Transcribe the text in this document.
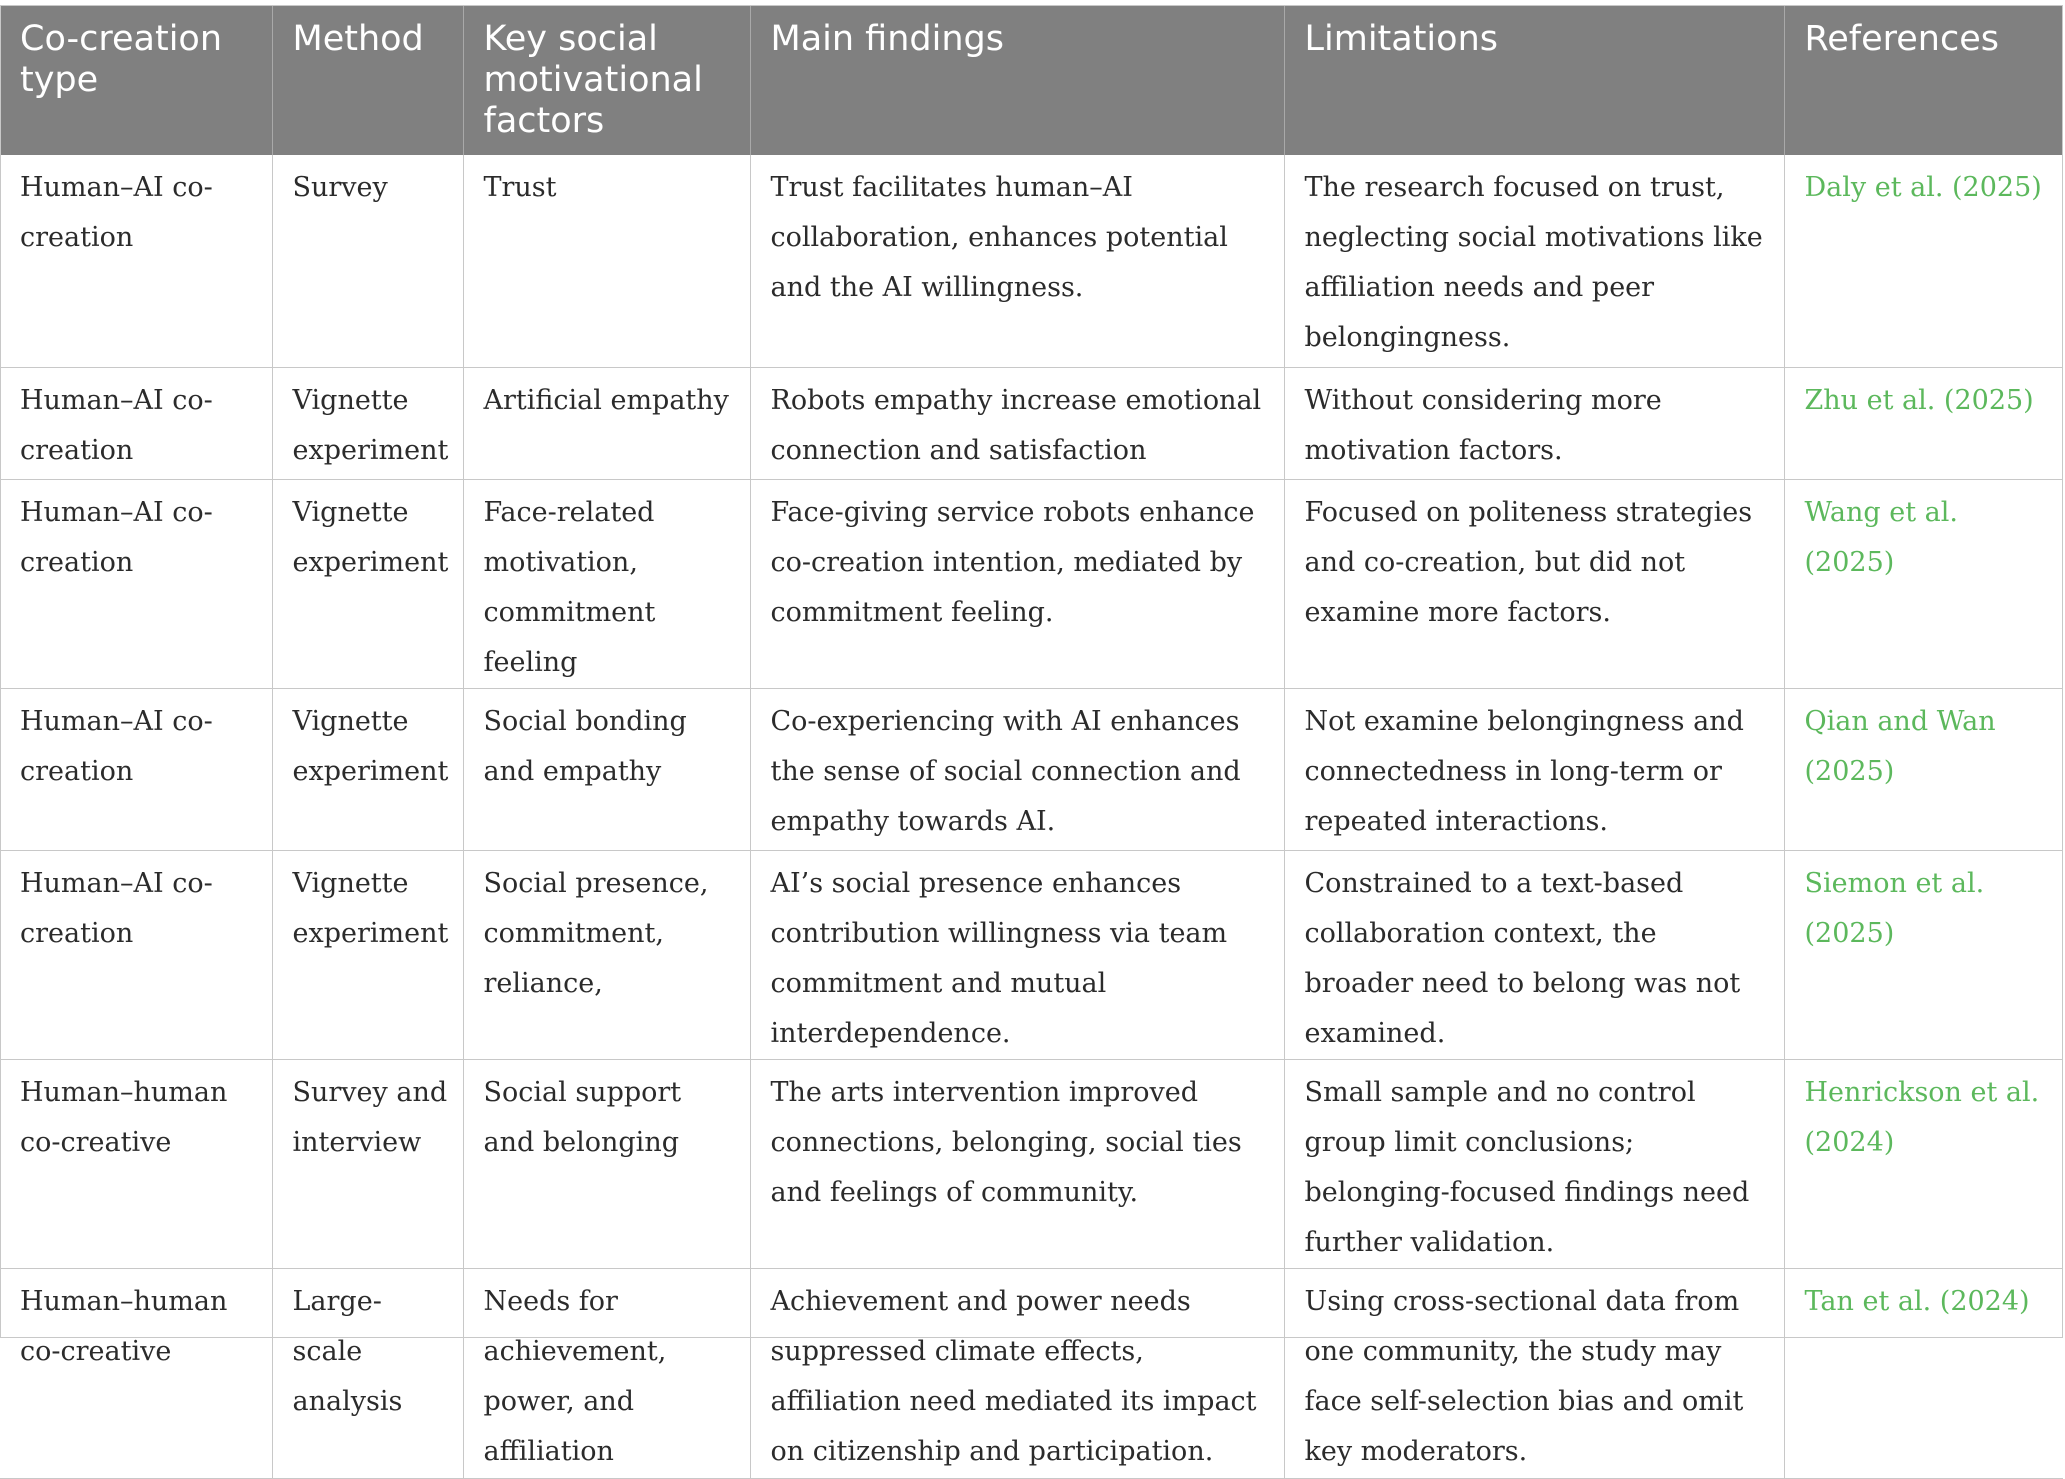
Co-creation type	Method	Key social motivational factors	Main findings	Limitations	References
Human–AI co-creation	Survey	Trust	Trust facilitates human–AI collaboration, enhances potential and the AI willingness.	The research focused on trust, neglecting social motivations like affiliation needs and peer belongingness.	Daly et al. (2025)
Human–AI co-creation	Vignette experiment	Artificial empathy	Robots empathy increase emotional connection and satisfaction	Without considering more motivation factors.	Zhu et al. (2025)
Human–AI co-creation	Vignette experiment	Face-related motivation, commitment feeling	Face-giving service robots enhance co-creation intention, mediated by commitment feeling.	Focused on politeness strategies and co-creation, but did not examine more factors.	Wang et al. (2025)
Human–AI co-creation	Vignette experiment	Social bonding and empathy	Co-experiencing with AI enhances the sense of social connection and empathy towards AI.	Not examine belongingness and connectedness in long-term or repeated interactions.	Qian and Wan (2025)
Human–AI co-creation	Vignette experiment	Social presence, commitment, reliance,	AI’s social presence enhances contribution willingness via team commitment and mutual interdependence.	Constrained to a text-based collaboration context, the broader need to belong was not examined.	Siemon et al. (2025)
Human–human co-creative	Survey and interview	Social support and belonging	The arts intervention improved connections, belonging, social ties and feelings of community.	Small sample and no control group limit conclusions; belonging-focused findings need further validation.	Henrickson et al. (2024)
Human–human co-creative	Large-scale analysis	Needs for achievement, power, and affiliation	Achievement and power needs suppressed climate effects, affiliation need mediated its impact on citizenship and participation.	Using cross-sectional data from one community, the study may face self-selection bias and omit key moderators.	Tan et al. (2024)
